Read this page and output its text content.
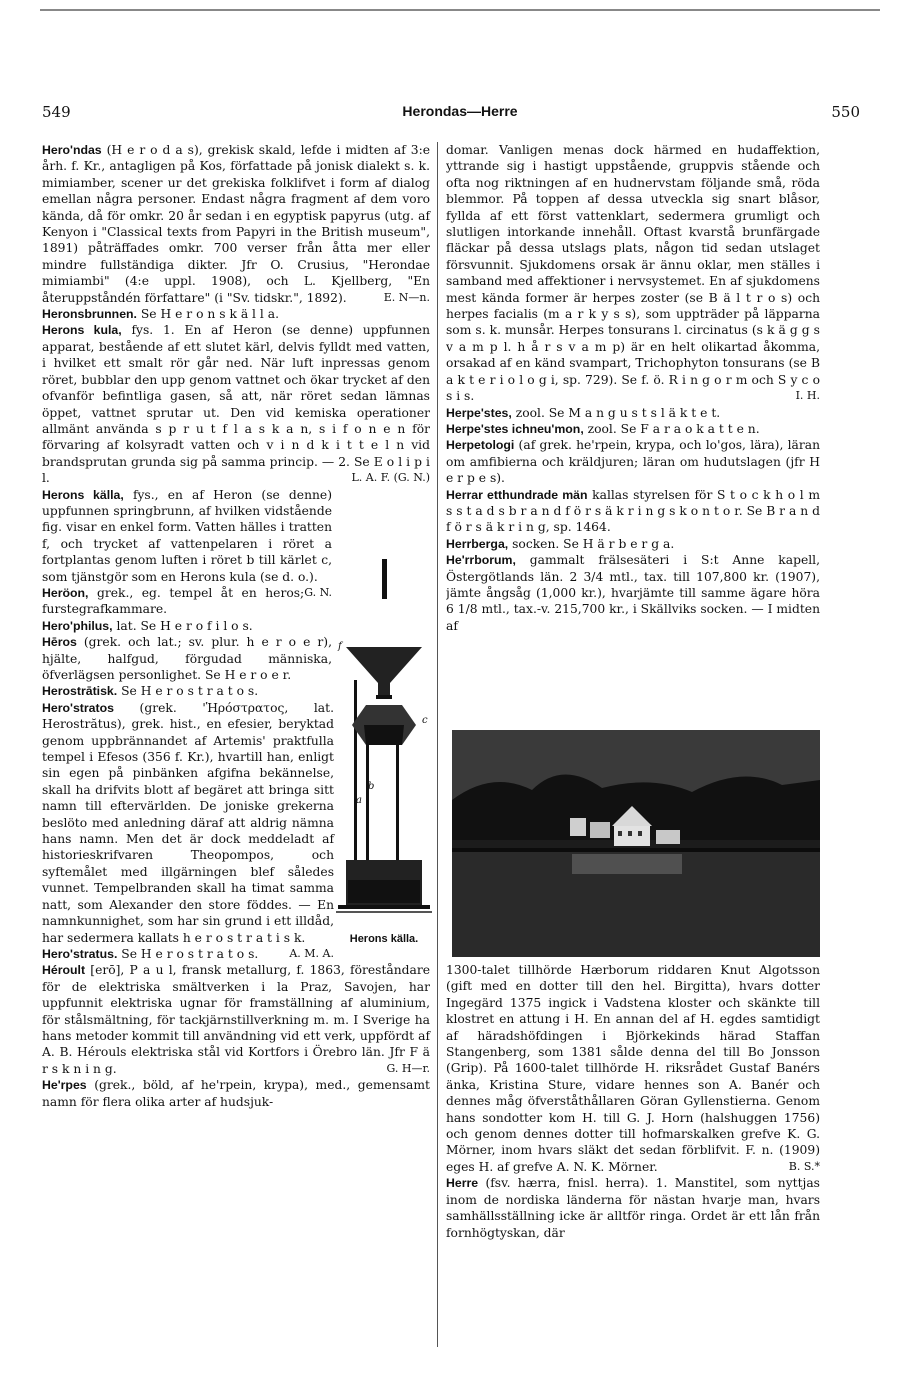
549	Herondas—Herre	550

Hero'ndas (H e r o d a s), grekisk skald, lefde i midten af 3:e årh. f. Kr., antagligen på Kos, författade på jonisk dialekt s. k. mimiamber, scener ur det grekiska folklifvet i form af dialog emellan några personer. Endast några fragment af dem voro kända, då för omkr. 20 år sedan i en egyptisk papyrus (utg. af Kenyon i "Classical texts from Papyri in the British museum", 1891) påträffades omkr. 700 verser från åtta mer eller mindre fullständiga dikter. Jfr O. Crusius, "Herondae mimiambi" (4:e uppl. 1908), och L. Kjellberg, "En återuppståndén författare" (i "Sv. tidskr.", 1892).	E. N—n.

Heronsbrunnen. Se H e r o n s k ä l l a.

Herons kula, fys. 1. En af Heron (se denne) uppfunnen apparat, bestående af ett slutet kärl, delvis fylldt med vatten, i hvilket ett smalt rör går ned. När luft inpressas genom röret, bubblar den upp genom vattnet och ökar trycket af den ofvanför befintliga gasen, så att, när röret sedan lämnas öppet, vattnet sprutar ut. Den vid kemiska operationer allmänt använda s p r u t f l a s k a n, s i f o n e n för förvaring af kolsyradt vatten och v i n d k i t t e l n vid brandsprutan grunda sig på samma princip. — 2. Se E o l i p i l.	L. A. F. (G. N.)

Herons källa, fys., en af Heron (se denne) uppfunnen springbrunn, af hvilken vidstående fig. visar en enkel form. Vatten hälles i tratten f, och trycket af vattenpelaren i röret a fortplantas genom luften i röret b till kärlet c, som tjänstgör som en Herons kula (se d. o.).
G. N.

Heröon, grek., eg. tempel åt en heros; furstegrafkammare.

Hero'philus, lat. Se H e r o f i l o s.

Hēros (grek. och lat.; sv. plur. h e r o e r), hjälte, halfgud, förgudad människa, öfverlägsen personlighet. Se H e r o e r.

Herostrātisk. Se H e r o s t r a t o s.

Hero'stratos (grek. 'Ἡρόστρατος, lat. Herostrătus), grek. hist., en efesier, beryktad genom uppbrännandet af Artemis' praktfulla tempel i Efesos (356 f. Kr.), hvartill han, enligt sin egen på pinbänken afgifna bekännelse, skall ha drifvits blott af begäret att bringa sitt namn till eftervärlden. De joniske grekerna beslöto med anledning däraf att aldrig nämna hans namn. Men det är dock meddeladt af historieskrifvaren Theopompos, och syftemålet med illgärningen blef således vunnet. Tempelbranden skall ha timat samma natt, som Alexander den store föddes. — En namnkunnighet, som har sin grund i ett illdåd, har sedermera kallats h e r o s t r a t i s k.
A. M. A.

Hero'stratus. Se H e r o s t r a t o s.

Héroult [erō], P a u l, fransk metallurg, f. 1863, föreståndare för de elektriska smältverken i la Praz, Savojen, har uppfunnit elektriska ugnar för framställning af aluminium, för stålsmältning, för tackjärnstillverkning m. m. I Sverige ha hans metoder kommit till användning vid ett verk, uppfördt af A. B. Hérouls elektriska stål vid Kortfors i Örebro län. Jfr F ä r s k n i n g.	G. H—r.

He'rpes (grek., böld, af he'rpein, krypa), med., gemensamt namn för flera olika arter af hudsjuk-

f
c
b
a
Herons källa.

domar. Vanligen menas dock härmed en hudaffektion, yttrande sig i hastigt uppstående, gruppvis stående och ofta nog riktningen af en hudnervstam följande små, röda blemmor. På toppen af dessa utveckla sig snart blåsor, fyllda af ett först vattenklart, sedermera grumligt och slutligen intorkande innehåll. Oftast kvarstå brunfärgade fläckar på dessa utslags plats, någon tid sedan utslaget försvunnit. Sjukdomens orsak är ännu oklar, men ställes i samband med affektioner i nervsystemet. En af sjukdomens mest kända former är herpes zoster (se B ä l t r o s) och herpes facialis (m a r k y s s), som uppträder på läpparna som s. k. munsår. Herpes tonsurans l. circinatus (s k ä g g s v a m p l. h å r s v a m p) är en helt olikartad åkomma, orsakad af en känd svampart, Trichophyton tonsurans (se B a k t e r i o l o g i, sp. 729). Se f. ö. R i n g o r m och S y c o s i s.	I. H.

Herpe'stes, zool. Se M a n g u s t s l ä k t e t.

Herpe'stes ichneu'mon, zool. Se F a r a o k a t t e n.

Herpetologi (af grek. he'rpein, krypa, och lo'gos, lära), läran om amfibierna och kräldjuren; läran om hudutslagen (jfr H e r p e s).

Herrar etthundrade män kallas styrelsen för S t o c k h o l m s s t a d s b r a n d f ö r s ä k r i n g s k o n t o r. Se B r a n d f ö r s ä k r i n g, sp. 1464.

Herrberga, socken. Se H ä r b e r g a.

He'rrborum, gammalt frälsesäteri i S:t Anne kapell, Östergötlands län. 2 3/4 mtl., tax. till 107,800 kr. (1907), jämte ångsåg (1,000 kr.), hvarjämte till samme ägare höra 6 1/8 mtl., tax.-v. 215,700 kr., i Skällviks socken. — I midten af

1300-talet tillhörde Hærborum riddaren Knut Algotsson (gift med en dotter till den hel. Birgitta), hvars dotter Ingegärd 1375 ingick i Vadstena kloster och skänkte till klostret en attung i H. En annan del af H. egdes samtidigt af häradshöfdingen i Björkekinds härad Staffan Stangenberg, som 1381 sålde denna del till Bo Jonsson (Grip). På 1600-talet tillhörde H. riksrådet Gustaf Banérs änka, Kristina Sture, vidare hennes son A. Banér och dennes måg öfverståthållaren Göran Gyllenstierna. Genom hans sondotter kom H. till G. J. Horn (halshuggen 1756) och genom dennes dotter till hofmarskalken grefve K. G. Mörner, inom hvars släkt det sedan förblifvit. F. n. (1909) eges H. af grefve A. N. K. Mörner.	B. S.*

Herre (fsv. hærra, fnisl. herra). 1. Manstitel, som nyttjas inom de nordiska länderna för nästan hvarje man, hvars samhällsställning icke är alltför ringa. Ordet är ett lån från fornhögtyskan, där
